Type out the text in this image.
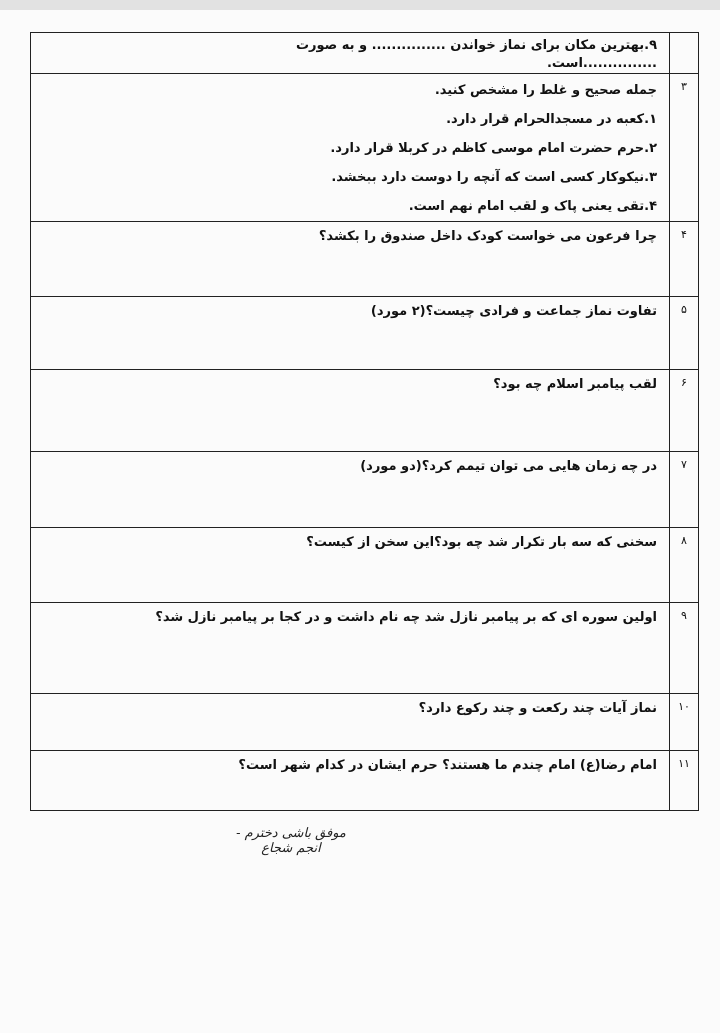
	۹.بهترین مکان برای نماز خواندن ............... و به صورت
...............است.

۳	جمله صحیح و غلط را مشخص کنید.
۱.کعبه در مسجدالحرام قرار دارد.
۲.حرم حضرت امام موسی کاظم در کربلا قرار دارد.
۳.نیکوکار کسی است که آنچه را دوست دارد ببخشد.
۴.تقی یعنی پاک و لقب امام نهم است.

۴	چرا فرعون می خواست کودک داخل صندوق را بکشد؟
۵	تفاوت نماز جماعت و فرادی چیست؟(۲ مورد)
۶	لقب پیامبر اسلام چه بود؟
۷	در چه زمان هایی می توان تیمم کرد؟(دو مورد)
۸	سخنی که سه بار تکرار شد چه بود؟این سخن از کیست؟
۹	اولین سوره ای که بر پیامبر نازل شد چه نام داشت و در کجا بر پیامبر نازل شد؟
۱۰	نماز آیات چند رکعت و چند رکوع دارد؟
۱۱	امام رضا(ع) امام چندم ما هستند؟ حرم ایشان در کدام شهر است؟
موفق باشی دخترم - انجم شجاع
